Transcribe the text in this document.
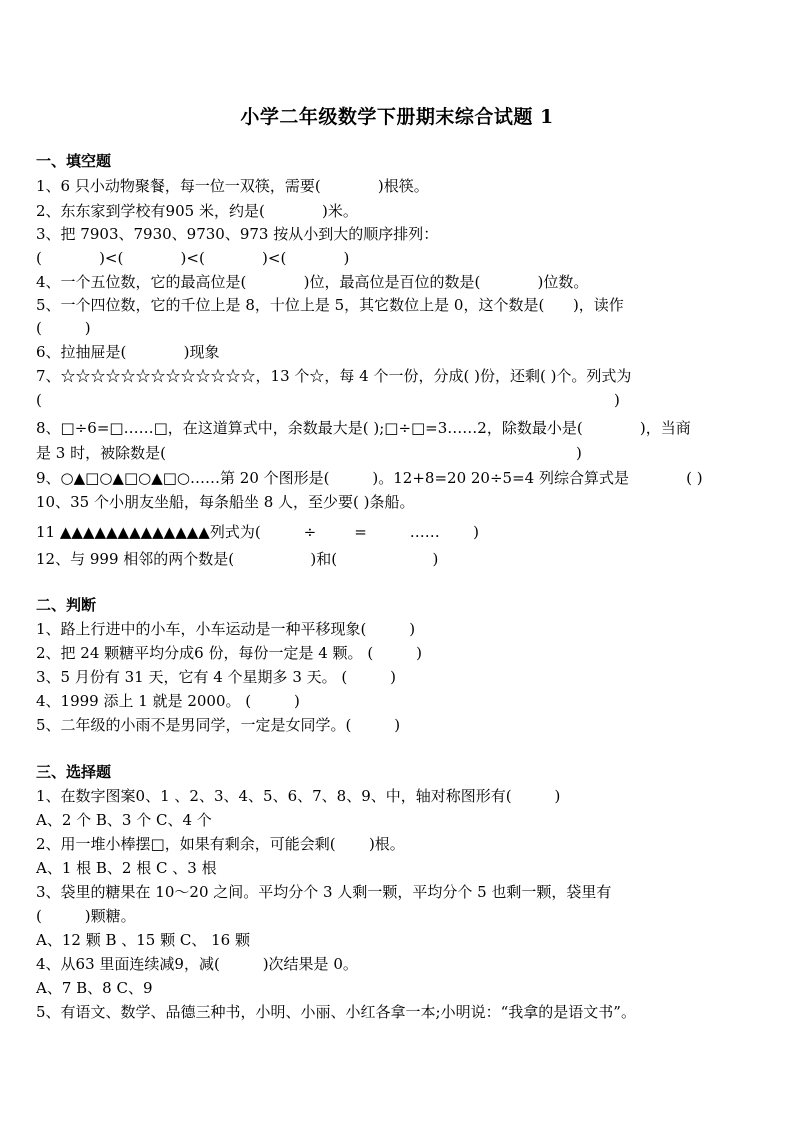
小学二年级数学下册期末综合试题 1
一、填空题
1、6 只小动物聚餐，每一位一双筷，需要(            )根筷。
2、东东家到学校有905 米，约是(            )米。
3、把 7903、7930、9730、973 按从小到大的顺序排列：
(            )<(            )<(            )<(            )
4、一个五位数，它的最高位是(            )位，最高位是百位的数是(            )位数。
5、一个四位数，它的千位上是 8，十位上是 5，其它数位上是 0，这个数是(      )，读作
(         )
6、拉抽屉是(            )现象
7、☆☆☆☆☆☆☆☆☆☆☆☆☆，13 个☆，每 4 个一份，分成( )份，还剩( )个。列式为
(                                                                                                                        )
8、□÷6=□……□，在这道算式中，余数最大是( );□÷□=3……2，除数最小是(            )，当商
是 3 时，被除数是(                                                                                      )
9、○▲□○▲□○▲□○……第 20 个图形是(         )。12+8=20 20÷5=4 列综合算式是            ( )
10、35 个小朋友坐船，每条船坐 8 人，至少要( )条船。
11 ▲▲▲▲▲▲▲▲▲▲▲▲▲列式为(         ÷        =         ……       )
12、与 999 相邻的两个数是(                )和(                    )
二、判断
1、路上行进中的小车，小车运动是一种平移现象(         )
2、把 24 颗糖平均分成6 份，每份一定是 4 颗。 (         )
3、5 月份有 31 天，它有 4 个星期多 3 天。 (         )
4、1999 添上 1 就是 2000。 (         )
5、二年级的小雨不是男同学，一定是女同学。(         )
三、选择题
1、在数字图案0、1 、2、3、4、5、6、7、8、9、中，轴对称图形有(         )
A、2 个 B、3 个 C、4 个
2、用一堆小棒摆□，如果有剩余，可能会剩(       )根。
A、1 根 B、2 根 C 、3 根
3、袋里的糖果在 10～20 之间。平均分个 3 人剩一颗，平均分个 5 也剩一颗，袋里有
(         )颗糖。
A、12 颗 B 、15 颗 C、 16 颗
4、从63 里面连续减9，减(         )次结果是 0。
A、7 B、8 C、9
5、有语文、数学、品德三种书，小明、小丽、小红各拿一本;小明说：“我拿的是语文书”。
